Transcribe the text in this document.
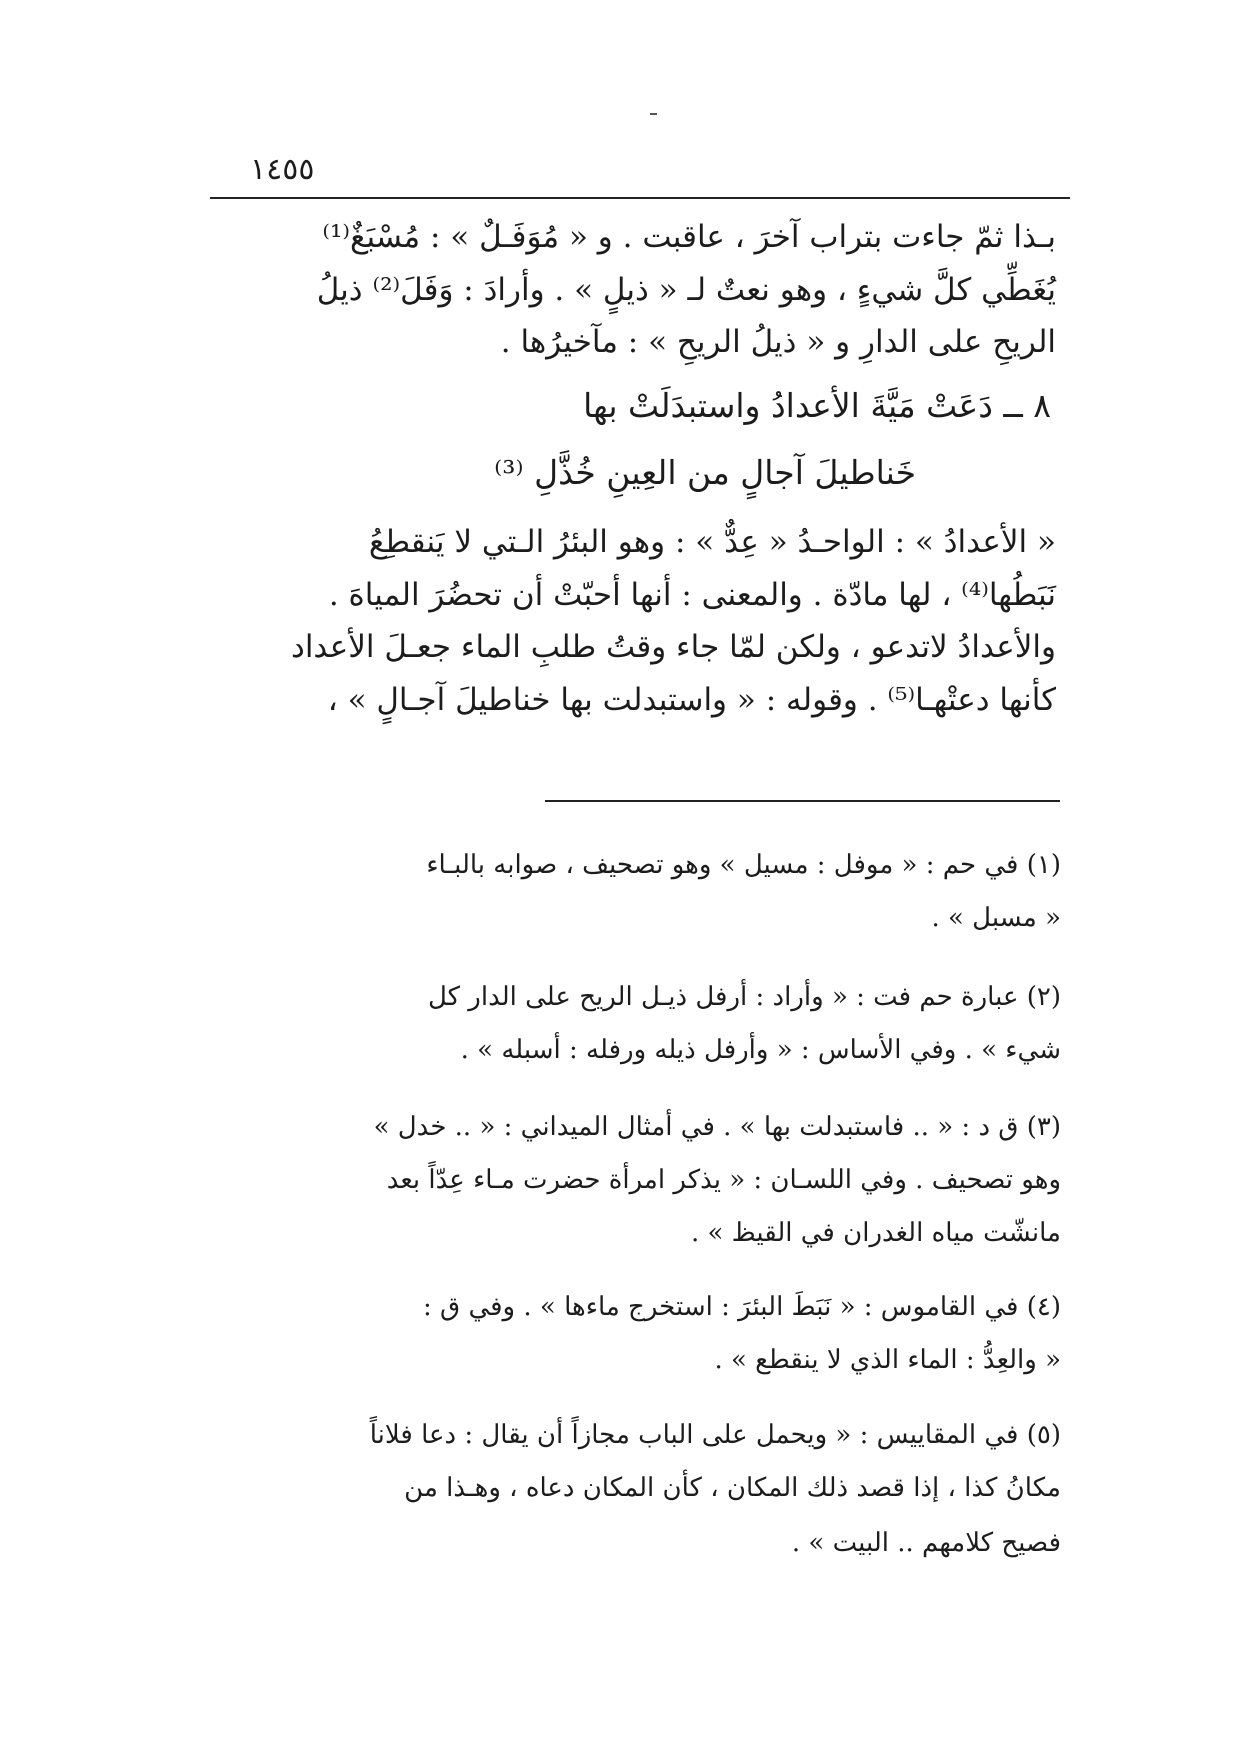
١٤٥٥
بـذا ثمّ جاءت بتراب آخرَ ، عاقبت . و « مُوَفَـلٌ » : مُسْبَغٌ⁽¹⁾
يُغَطِّي كلَّ شيءٍ ، وهو نعتٌ لـ « ذيلٍ » . وأرادَ : وَفَلَ⁽²⁾ ذيلُ
الريحِ على الدارِ و « ذيلُ الريحِ » : مآخيرُها .
٨ ــ دَعَتْ مَيَّةَ الأعدادُ واستبدَلَتْ بها
خَناطيلَ آجالٍ من العِينِ خُذَّلِ ⁽³⁾
« الأعدادُ » : الواحـدُ « عِدٌّ » : وهو البئرُ الـتي لا يَنقطِعُ
نَبَطُها⁽⁴⁾ ، لها مادّة . والمعنى : أنها أحبّتْ أن تحضُرَ المياهَ .
والأعدادُ لاتدعو ، ولكن لمّا جاء وقتُ طلبِ الماء جعـلَ الأعداد
كأنها دعتْهـا⁽⁵⁾ . وقوله : « واستبدلت بها خناطيلَ آجـالٍ » ،
(١) في حم : « موفل : مسيل » وهو تصحيف ، صوابه بالبـاء
« مسبل » .
(٢) عبارة حم فت : « وأراد : أرفل ذيـل الريح على الدار كل
شيء » . وفي الأساس : « وأرفل ذيله ورفله : أسبله » .
(٣) ق د : « .. فاستبدلت بها » . في أمثال الميداني : « .. خدل »
وهو تصحيف . وفي اللسـان : « يذكر امرأة حضرت مـاء عِدّاً بعد
مانشّت مياه الغدران في القيظ » .
(٤) في القاموس : « نَبَطَ البئرَ : استخرج ماءها » . وفي ق :
« والعِدُّ : الماء الذي لا ينقطع » .
(٥) في المقاييس : « ويحمل على الباب مجازاً أن يقال : دعا فلاناً
مكانُ كذا ، إذا قصد ذلك المكان ، كأن المكان دعاه ، وهـذا من
فصيح كلامهم .. البيت » .
